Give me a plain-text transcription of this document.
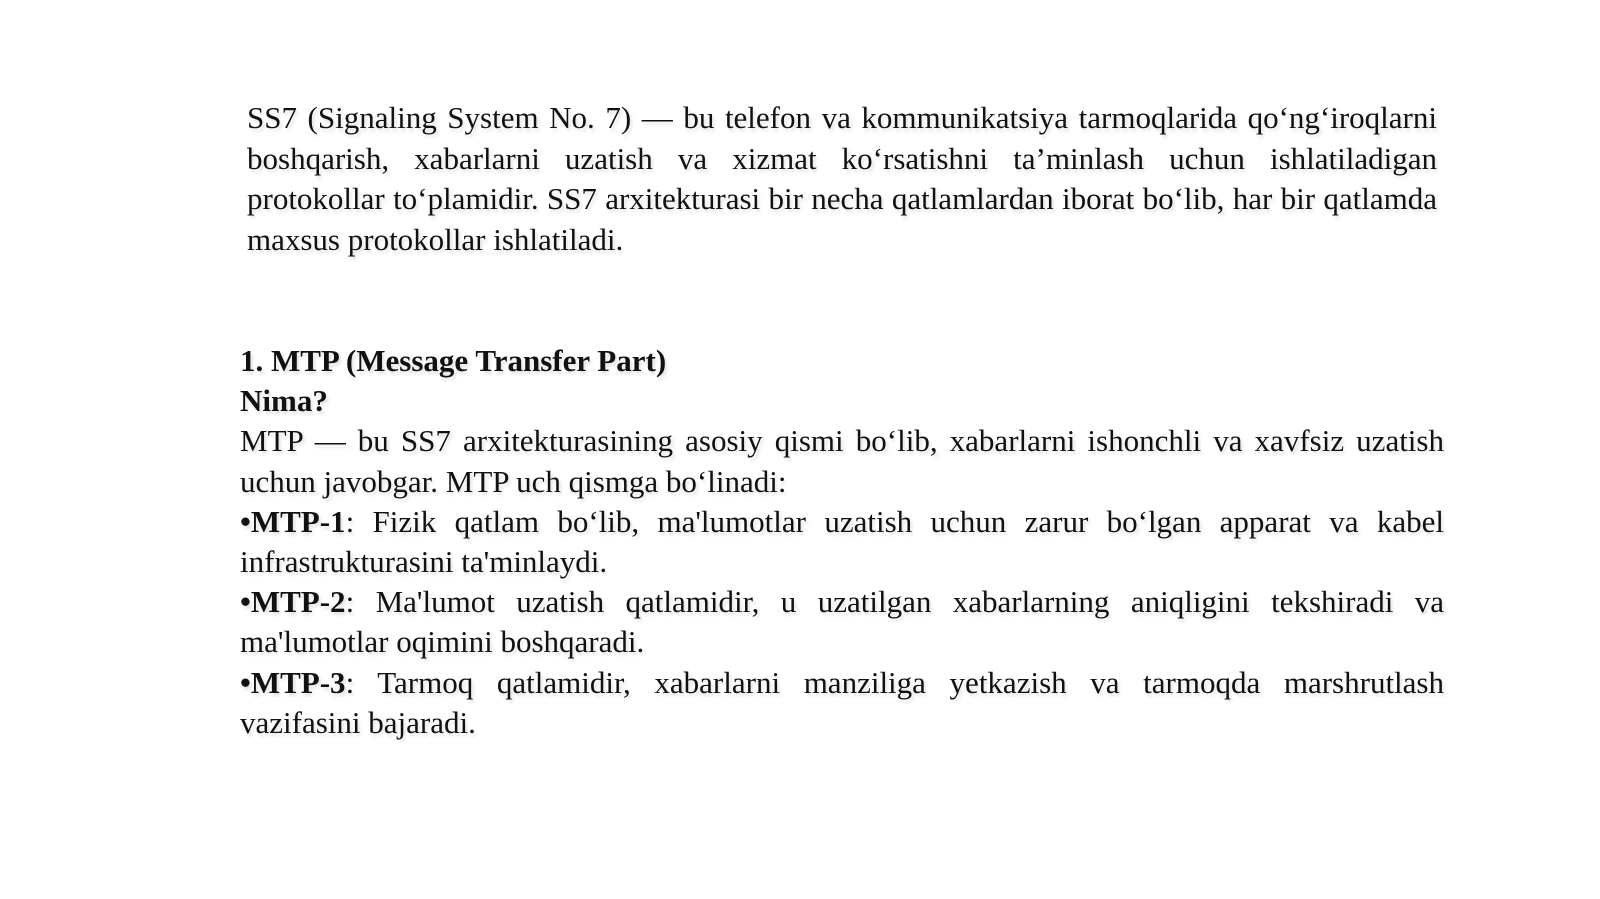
SS7 (Signaling System No. 7) — bu telefon va kommunikatsiya tarmoqlarida qo‘ng‘iroqlarni boshqarish, xabarlarni uzatish va xizmat ko‘rsatishni ta’minlash uchun ishlatiladigan protokollar to‘plamidir. SS7 arxitekturasi bir necha qatlamlardan iborat bo‘lib, har bir qatlamda maxsus protokollar ishlatiladi.

1. MTP (Message Transfer Part)

Nima?

MTP — bu SS7 arxitekturasining asosiy qismi bo‘lib, xabarlarni ishonchli va xavfsiz uzatish uchun javobgar. MTP uch qismga bo‘linadi:

•MTP-1: Fizik qatlam bo‘lib, ma'lumotlar uzatish uchun zarur bo‘lgan apparat va kabel infrastrukturasini ta'minlaydi.

•MTP-2: Ma'lumot uzatish qatlamidir, u uzatilgan xabarlarning aniqligini tekshiradi va ma'lumotlar oqimini boshqaradi.

•MTP-3: Tarmoq qatlamidir, xabarlarni manziliga yetkazish va tarmoqda marshrutlash vazifasini bajaradi.
